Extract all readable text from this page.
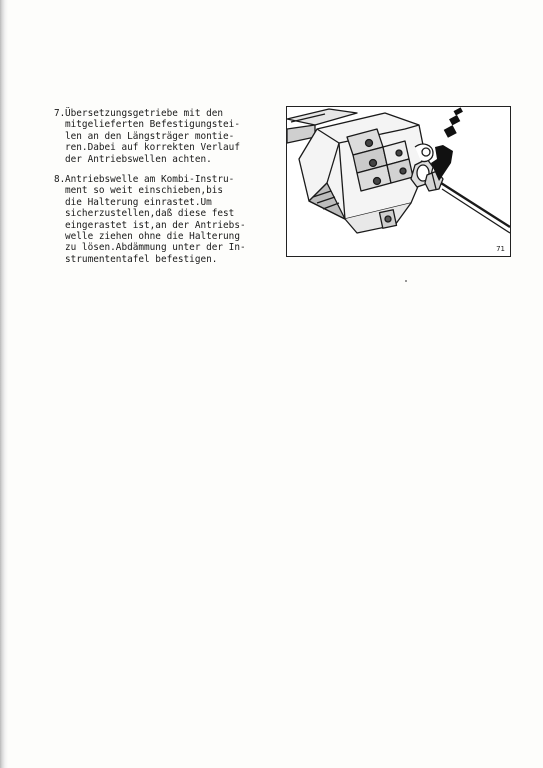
7. Übersetzungsgetriebe mit den
mitgelieferten Befestigungstei-
len an den Längsträger montie-
ren.Dabei auf korrekten Verlauf
der Antriebswellen achten.
8. Antriebswelle am Kombi-Instru-
ment so weit einschieben,bis
die Halterung einrastet.Um
sicherzustellen,daß diese fest
eingerastet ist,an der Antriebs-
welle ziehen ohne die Halterung
zu lösen.Abdämmung unter der In-
strumententafel befestigen.
71
